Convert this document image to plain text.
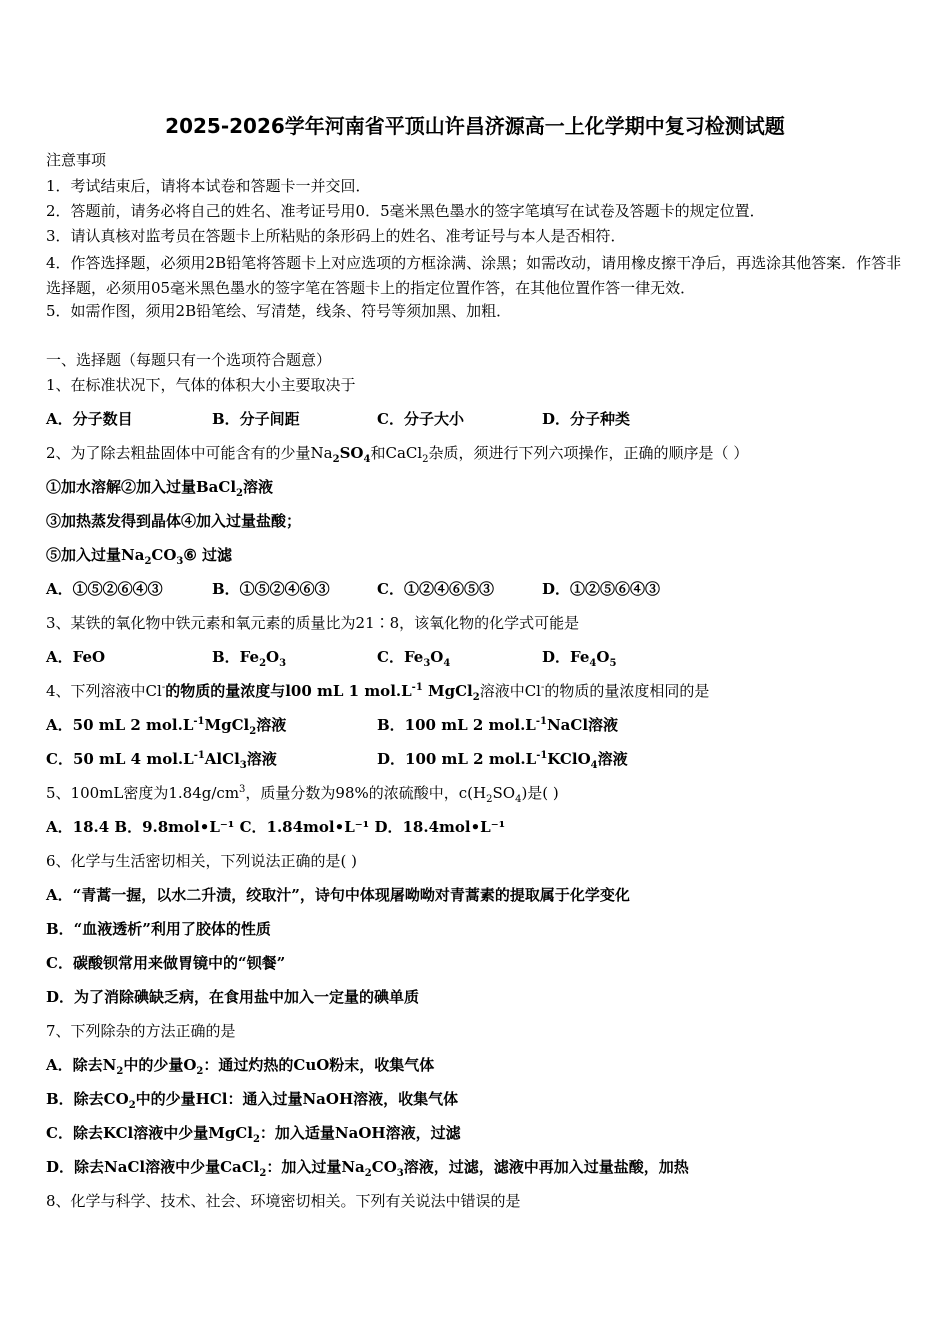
2025-2026学年河南省平顶山许昌济源高一上化学期中复习检测试题
注意事项
1．考试结束后，请将本试卷和答题卡一并交回．
2．答题前，请务必将自己的姓名、准考证号用0．5毫米黑色墨水的签字笔填写在试卷及答题卡的规定位置．
3．请认真核对监考员在答题卡上所粘贴的条形码上的姓名、准考证号与本人是否相符．
4．作答选择题，必须用2B铅笔将答题卡上对应选项的方框涂满、涂黑；如需改动，请用橡皮擦干净后，再选涂其他答案．作答非选择题，必须用05毫米黑色墨水的签字笔在答题卡上的指定位置作答，在其他位置作答一律无效．
5．如需作图，须用2B铅笔绘、写清楚，线条、符号等须加黑、加粗．
一、选择题（每题只有一个选项符合题意）
1、在标准状况下，气体的体积大小主要取决于
A．分子数目	B．分子间距	C．分子大小	D．分子种类
2、为了除去粗盐固体中可能含有的少量$Na_2SO_4$和CaCl$_2$杂质，须进行下列六项操作，正确的顺序是（ ）
①加水溶解②加入过量BaCl$_2$溶液
③加热蒸发得到晶体④加入过量盐酸；
⑤加入过量$Na_2CO_3⑥$ 过滤
A．①⑤②⑥④③	B．①⑤②④⑥③	C．①②④⑥⑤③	D．①②⑤⑥④③
3、某铁的氧化物中铁元素和氧元素的质量比为21∶8，该氧化物的化学式可能是
A．FeO	B．$Fe_2O_3$	C．$Fe_3O_4$	D．$Fe_4O_5$
4、下列溶液中Cl-的物质的量浓度与l00 mL 1 $mol.L^{-1}$ MgCl$_2$溶液中Cl-的物质的量浓度相同的是
A．50 mL 2 $mol.L^{-1}MgCl_2$溶液	B．100 mL 2 $mol.L^{-1}NaCl$溶液
C．50 mL 4 $mol.L^{-1}AlCl_3$溶液	D．100 mL 2 $mol.L^{-1}KClO_4$溶液
5、100mL密度为$1.84g/cm^3$，质量分数为98%的浓硫酸中，$c(H_2SO_4)$是( )
A．18.4 B．9.8mol•L⁻¹ C．1.84mol•L⁻¹ D．18.4mol•L⁻¹
6、化学与生活密切相关，下列说法正确的是( )
A．“青蒿一握，以水二升渍，绞取汁”，诗句中体现屠呦呦对青蒿素的提取属于化学变化
B．“血液透析”利用了胶体的性质
C．碳酸钡常用来做胃镜中的“钡餐”
D．为了消除碘缺乏病，在食用盐中加入一定量的碘单质
7、下列除杂的方法正确的是
A．除去$N_2$中的少量$O_2$：通过灼热的CuO粉末，收集气体
B．除去$CO_2$中的少量HCl：通入过量NaOH溶液，收集气体
C．除去KCl溶液中少量MgCl$_2$：加入适量NaOH溶液，过滤
D．除去NaCl溶液中少量CaCl$_2$：加入过量$Na_2CO_3$溶液，过滤，滤液中再加入过量盐酸，加热
8、化学与科学、技术、社会、环境密切相关。下列有关说法中错误的是
